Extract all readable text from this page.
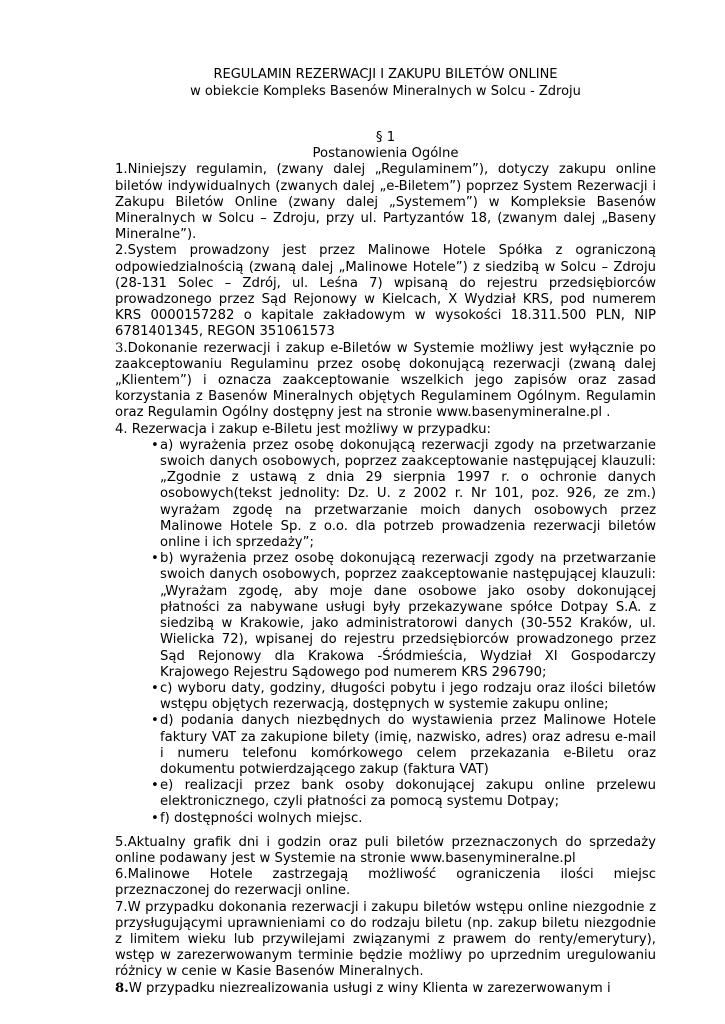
REGULAMIN REZERWACJI I ZAKUPU BILETÓW ONLINE
w obiekcie Kompleks Basenów Mineralnych w Solcu - Zdroju
§ 1
Postanowienia Ogólne

1.Niniejszy regulamin, (zwany dalej „Regulaminem”), dotyczy zakupu online biletów indywidualnych (zwanych dalej „e-Biletem”) poprzez System Rezerwacji i Zakupu Biletów Online (zwany dalej „Systemem”) w Kompleksie Basenów Mineralnych w Solcu – Zdroju, przy ul. Partyzantów 18, (zwanym dalej „Baseny Mineralne”).

2.System prowadzony jest przez Malinowe Hotele Spółka z ograniczoną odpowiedzialnością (zwaną dalej „Malinowe Hotele”) z siedzibą w Solcu – Zdroju (28-131 Solec – Zdrój, ul. Leśna 7) wpisaną do rejestru przedsiębiorców prowadzonego przez Sąd Rejonowy w Kielcach, X Wydział KRS, pod numerem KRS 0000157282 o kapitale zakładowym w wysokości 18.311.500 PLN, NIP 6781401345, REGON 351061573

3.Dokonanie rezerwacji i zakup e-Biletów w Systemie możliwy jest wyłącznie po zaakceptowaniu Regulaminu przez osobę dokonującą rezerwacji (zwaną dalej „Klientem”) i oznacza zaakceptowanie wszelkich jego zapisów oraz zasad korzystania z Basenów Mineralnych objętych Regulaminem Ogólnym. Regulamin oraz Regulamin Ogólny dostępny jest na stronie www.basenymineralne.pl .

4. Rezerwacja i zakup e-Biletu jest możliwy w przypadku:

• a) wyrażenia przez osobę dokonującą rezerwacji zgody na przetwarzanie swoich danych osobowych, poprzez zaakceptowanie następującej klauzuli: „Zgodnie z ustawą z dnia 29 sierpnia 1997 r. o ochronie danych osobowych(tekst jednolity: Dz. U. z 2002 r. Nr 101, poz. 926, ze zm.) wyrażam zgodę na przetwarzanie moich danych osobowych przez Malinowe Hotele Sp. z o.o. dla potrzeb prowadzenia rezerwacji biletów online i ich sprzedaży”;
• b) wyrażenia przez osobę dokonującą rezerwacji zgody na przetwarzanie swoich danych osobowych, poprzez zaakceptowanie następującej klauzuli: „Wyrażam zgodę, aby moje dane osobowe jako osoby dokonującej płatności za nabywane usługi były przekazywane spółce Dotpay S.A. z siedzibą w Krakowie, jako administratorowi danych (30-552 Kraków, ul. Wielicka 72), wpisanej do rejestru przedsiębiorców prowadzonego przez Sąd Rejonowy dla Krakowa -Śródmieścia, Wydział XI Gospodarczy Krajowego Rejestru Sądowego pod numerem KRS 296790;
• c) wyboru daty, godziny, długości pobytu i jego rodzaju oraz ilości biletów wstępu objętych rezerwacją, dostępnych w systemie zakupu online;
• d) podania danych niezbędnych do wystawienia przez Malinowe Hotele faktury VAT za zakupione bilety (imię, nazwisko, adres) oraz adresu e-mail i numeru telefonu komórkowego celem przekazania e-Biletu oraz dokumentu potwierdzającego zakup (faktura VAT)
• e) realizacji przez bank osoby dokonującej zakupu online przelewu elektronicznego, czyli płatności za pomocą systemu Dotpay;
• f) dostępności wolnych miejsc.

5.Aktualny grafik dni i godzin oraz puli biletów przeznaczonych do sprzedaży online podawany jest w Systemie na stronie www.basenymineralne.pl

6.Malinowe Hotele zastrzegają możliwość ograniczenia ilości miejsc przeznaczonej do rezerwacji online.

7.W przypadku dokonania rezerwacji i zakupu biletów wstępu online niezgodnie z przysługującymi uprawnieniami co do rodzaju biletu (np. zakup biletu niezgodnie z limitem wieku lub przywilejami związanymi z prawem do renty/emerytury), wstęp w zarezerwowanym terminie będzie możliwy po uprzednim uregulowaniu różnicy w cenie w Kasie Basenów Mineralnych.

8.W przypadku niezrealizowania usługi z winy Klienta w zarezerwowanym i
